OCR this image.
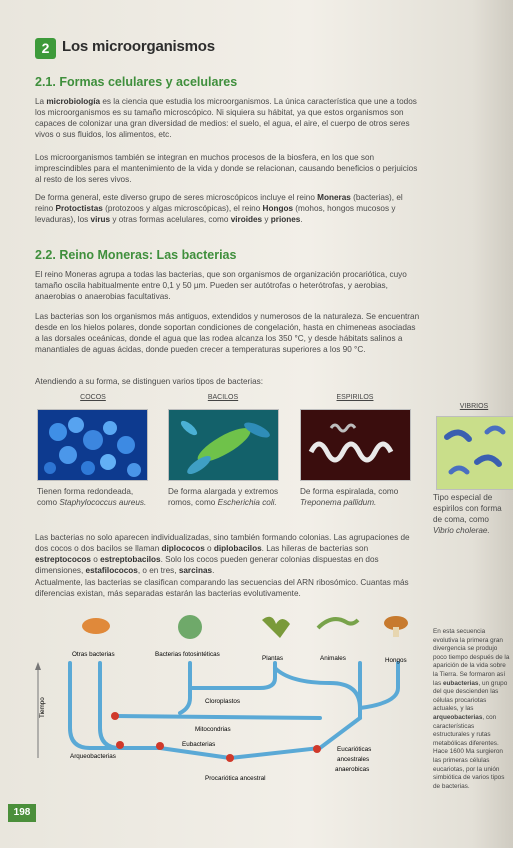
2 Los microorganismos
2.1. Formas celulares y acelulares

La microbiología es la ciencia que estudia los microorganismos. La única característica que une a todos los microorganismos es su tamaño microscópico. Ni siquiera su hábitat, ya que estos organismos son capaces de colonizar una gran diversidad de medios: el suelo, el agua, el aire, el cuerpo de otros seres vivos o sus fluidos, los alimentos, etc.

Los microorganismos también se integran en muchos procesos de la biosfera, en los que son imprescindibles para el mantenimiento de la vida y donde se relacionan, causando beneficios o perjuicios al resto de los seres vivos.

De forma general, este diverso grupo de seres microscópicos incluye el reino Moneras (bacterias), el reino Protoctistas (protozoos y algas microscópicas), el reino Hongos (mohos, hongos mucosos y levaduras), los virus y otras formas acelulares, como viroides y priones.

2.2. Reino Moneras: Las bacterias

El reino Moneras agrupa a todas las bacterias, que son organismos de organización procariótica, cuyo tamaño oscila habitualmente entre 0,1 y 50 µm. Pueden ser autótrofas o heterótrofas, y aerobias, anaerobias o anaerobias facultativas.

Las bacterias son los organismos más antiguos, extendidos y numerosos de la naturaleza. Se encuentran desde en los hielos polares, donde soportan condiciones de congelación, hasta en chimeneas asociadas a las dorsales oceánicas, donde el agua que las rodea alcanza los 350 °C, y desde hábitats salinos a manantiales de aguas ácidas, donde pueden crecer a temperaturas superiores a los 90 °C.

Atendiendo a su forma, se distinguen varios tipos de bacterias:

COCOS	BACILOS	ESPIRILOS
VIBRIOS
Tienen forma redondeada, como Staphylococcus aureus.
De forma alargada y extremos romos, como Escherichia coli.
De forma espiralada, como Treponema pallidum.
Tipo especial de espirilos con forma de coma, como Vibrio cholerae.

Las bacterias no solo aparecen individualizadas, sino también formando colonias. Las agrupaciones de dos cocos o dos bacilos se llaman diplococos o diplobacilos. Las hileras de bacterias son estreptococos o estreptobacilos. Solo los cocos pueden generar colonias dispuestas en dos dimensiones, estafilococos, o en tres, sarcinas.

Actualmente, las bacterias se clasifican comparando las secuencias del ARN ribosómico. Cuantas más diferencias existan, más separadas estarán las bacterias evolutivamente.

Otras bacterias	Bacterias fotosintéticas
Plantas	Animales	Hongos
Cloroplastos
Mitocondrias
Eubacterias
Arqueobacterias
Procariótica ancestral
Eucarióticas
ancestrales
anaerobicas
Tiempo
En esta secuencia evolutiva la primera gran divergencia se produjo poco tiempo después de la aparición de la vida sobre la Tierra. Se formaron así las eubacterias, un grupo del que descienden las células procariotas actuales, y las arqueobacterias, con características estructurales y rutas metabólicas diferentes. Hace 1600 Ma surgieron las primeras células eucariotas, por la unión simbiótica de varios tipos de bacterias.
198
